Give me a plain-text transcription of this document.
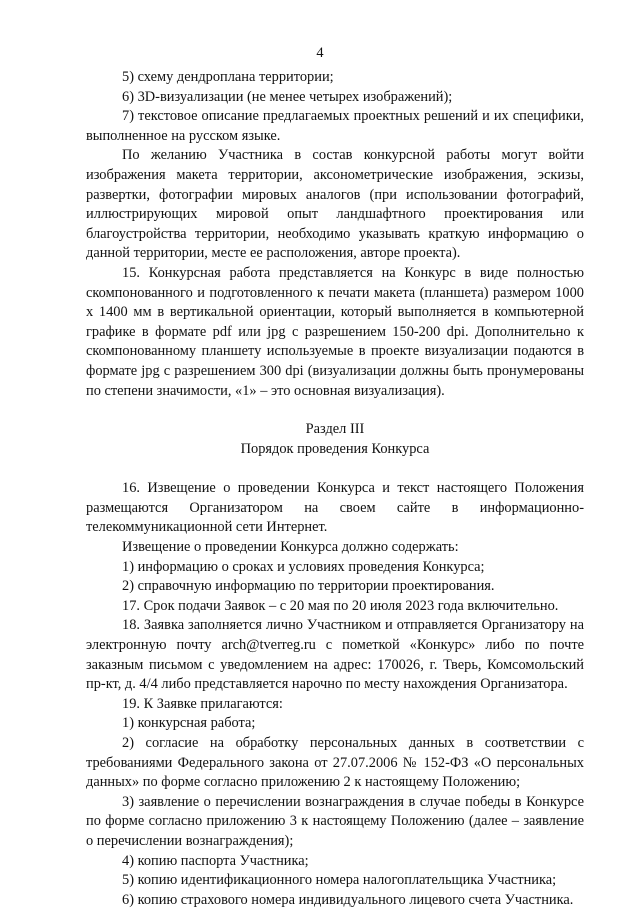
4

5) схему дендроплана территории;

6) 3D-визуализации (не менее четырех изображений);

7) текстовое описание предлагаемых проектных решений и их специфики, выполненное на русском языке.

По желанию Участника в состав конкурсной работы могут войти изображения макета территории, аксонометрические изображения, эскизы, развертки, фотографии мировых аналогов (при использовании фотографий, иллюстрирующих мировой опыт ландшафтного проектирования или благоустройства территории, необходимо указывать краткую информацию о данной территории, месте ее расположения, авторе проекта).

15. Конкурсная работа представляется на Конкурс в виде полностью скомпонованного и подготовленного к печати макета (планшета) размером 1000 x 1400 мм в вертикальной ориентации, который выполняется в компьютерной графике в формате pdf или jpg с разрешением 150-200 dpi. Дополнительно к скомпонованному планшету используемые в проекте визуализации подаются в формате jpg с разрешением 300 dpi (визуализации должны быть пронумерованы по степени значимости, «1» – это основная визуализация).

Раздел III

Порядок проведения Конкурса

16. Извещение о проведении Конкурса и текст настоящего Положения размещаются Организатором на своем сайте в информационно-телекоммуникационной сети Интернет.

Извещение о проведении Конкурса должно содержать:

1) информацию о сроках и условиях проведения Конкурса;

2) справочную информацию по территории проектирования.

17. Срок подачи Заявок – с 20 мая по 20 июля 2023 года включительно.

18. Заявка заполняется лично Участником и отправляется Организатору на электронную почту arch@tverreg.ru с пометкой «Конкурс» либо по почте заказным письмом с уведомлением на адрес: 170026, г. Тверь, Комсомольский пр-кт, д. 4/4 либо представляется нарочно по месту нахождения Организатора.

19. К Заявке прилагаются:

1) конкурсная работа;

2) согласие на обработку персональных данных в соответствии с требованиями Федерального закона от 27.07.2006 № 152-ФЗ «О персональных данных» по форме согласно приложению 2 к настоящему Положению;

3) заявление о перечислении вознаграждения в случае победы в Конкурсе по форме согласно приложению 3 к настоящему Положению (далее – заявление о перечислении вознаграждения);

4) копию паспорта Участника;

5) копию идентификационного номера налогоплательщика Участника;

6) копию страхового номера индивидуального лицевого счета Участника.
